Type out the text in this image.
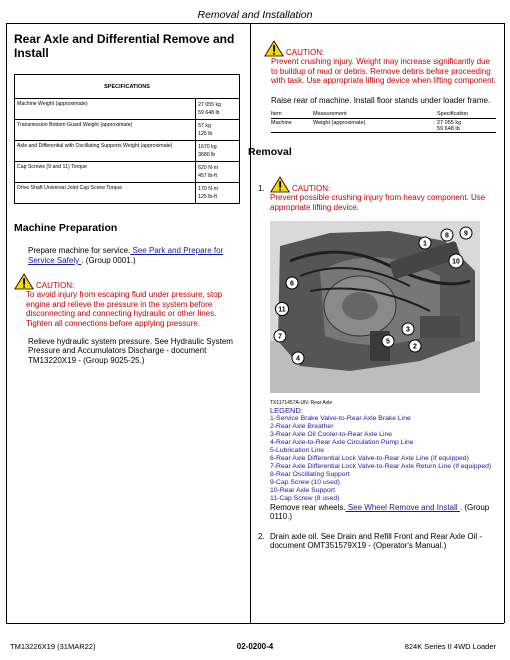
Removal and Installation
Rear Axle and Differential Remove and Install
SPECIFICATIONS	
Machine Weight (approximate)	27 055 kg
59 648 lb

Transmission Bottom Guard Weight (approximate)	57 kg
125 lb

Axle and Differential with Oscillating Supports Weight (approximate)	1670 kg
3680 lb

Cap Screws (9 and 11) Torque	620 N·m
457 lb-ft

Drive Shaft Universal Joint Cap Screw Torque	170 N·m
125 lb-ft
Machine Preparation
Prepare machine for service. See Park and Prepare for Service Safely . (Group 0001.)
CAUTION:
To avoid injury from escaping fluid under pressure, stop engine and relieve the pressure in the system before disconnecting and connecting hydraulic or other lines. Tighten all connections before applying pressure.
Relieve hydraulic system pressure. See Hydraulic System Pressure and Accumulators Discharge - document TM13220X19 - (Group 9025-25.)
CAUTION:
Prevent crushing injury. Weight may increase significantly due to buildup of mud or debris. Remove debris before proceeding with task. Use appropriate lifting device when lifting component.
Raise rear of machine. Install floor stands under loader frame.
Item	Measurement	Specification
Machine	Weight (approximate)	27 055 kg
59 648 lb
Removal
1.	CAUTION:
Prevent possible crushing injury from heavy component. Use appropriate lifting device.
6
11
7
4
9
8
1
10
5
3
2
TX1171457A-UN: Rear Axle
LEGEND:
1-Service Brake Valve-to-Rear Axle Brake Line
2-Rear Axle Breather
3-Rear Axle Oil Cooler-to-Rear Axle Line
4-Rear Axle-to-Rear Axle Circulation Pump Line
5-Lubrication Line
6-Rear Axle Differential Lock Valve-to-Rear Axle Line (If equipped)
7-Rear Axle Differential Lock Valve-to-Rear Axle Return Line (If equipped)
8-Rear Oscillating Support
9-Cap Screw (10 used)
10-Rear Axle Support
11-Cap Screw (8 used)
Remove rear wheels. See Wheel Remove and Install . (Group 0110.)
2. Drain axle oil. See Drain and Refill Front and Rear Axle Oil - document OMT351579X19 - (Operator's Manual.)
TM13226X19 (31MAR22)	02-0200-4	824K Series II 4WD Loader
